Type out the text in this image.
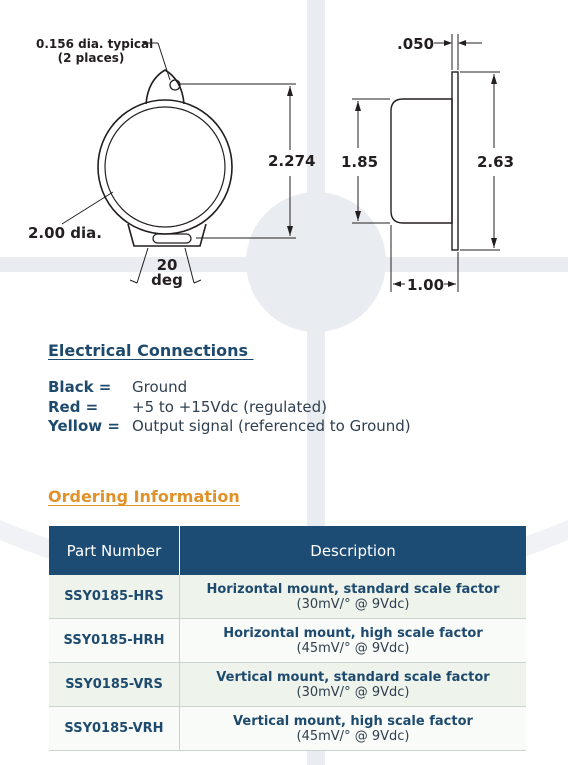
0.156 dia. typical
(2 places)
2.00 dia.
20
deg
2.274
.050
1.85	2.63
1.00
Electrical Connections
Black =	Ground
Red =	+5 to +15Vdc (regulated)
Yellow = Output signal (referenced to Ground)
Ordering Information
Part Number	Description
SSY0185-HRS	Horizontal mount, standard scale factor
(30mV/° @ 9Vdc)

SSY0185-HRH	Horizontal mount, high scale factor
(45mV/° @ 9Vdc)

SSY0185-VRS	Vertical mount, standard scale factor
(30mV/° @ 9Vdc)

SSY0185-VRH	Vertical mount, high scale factor
(45mV/° @ 9Vdc)
